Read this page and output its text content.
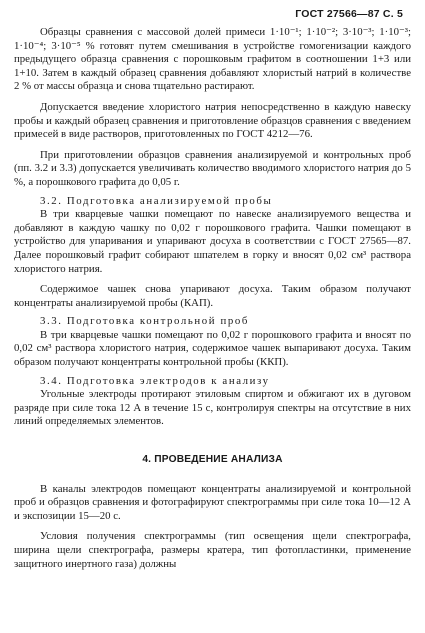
ГОСТ 27566—87 С. 5

Образцы сравнения с массовой долей примеси 1·10⁻¹; 1·10⁻²; 3·10⁻³; 1·10⁻³; 1·10⁻⁴; 3·10⁻⁵ % готовят путем смешивания в устройстве гомогенизации каждого предыдущего образца сравнения с порошковым графитом в соотношении 1+3 или 1+10. Затем в каждый образец сравнения добавляют хлористый натрий в количестве 2 % от массы образца и снова тщательно растирают.

Допускается введение хлористого натрия непосредственно в каждую навеску пробы и каждый образец сравнения и приготовление образцов сравнения с введением примесей в виде растворов, приготовленных по ГОСТ 4212—76.

При приготовлении образцов сравнения анализируемой и контрольных проб (пп. 3.2 и 3.3) допускается увеличивать количество вводимого хлористого натрия до 5 %, а порошкового графита до 0,05 г.

3.2. Подготовка анализируемой пробы

В три кварцевые чашки помещают по навеске анализируемого вещества и добавляют в каждую чашку по 0,02 г порошкового графита. Чашки помещают в устройство для упаривания и упаривают досуха в соответствии с ГОСТ 27565—87. Далее порошковый графит собирают шпателем в горку и вносят 0,02 см³ раствора хлористого натрия.

Содержимое чашек снова упаривают досуха. Таким образом получают концентраты анализируемой пробы (КАП).

3.3. Подготовка контрольной проб

В три кварцевые чашки помещают по 0,02 г порошкового графита и вносят по 0,02 см³ раствора хлористого натрия, содержимое чашек выпаривают досуха. Таким образом получают концентраты контрольной пробы (ККП).

3.4. Подготовка электродов к анализу

Угольные электроды протирают этиловым спиртом и обжигают их в дуговом разряде при силе тока 12 А в течение 15 с, контролируя спектры на отсутствие в них линий определяемых элементов.

4. ПРОВЕДЕНИЕ АНАЛИЗА

В каналы электродов помещают концентраты анализируемой и контрольной проб и образцов сравнения и фотографируют спектрограммы при силе тока 10—12 А и экспозиции 15—20 с.

Условия получения спектрограммы (тип освещения щели спектрографа, ширина щели спектрографа, размеры кратера, тип фотопластинки, применение защитного инертного газа) должны
